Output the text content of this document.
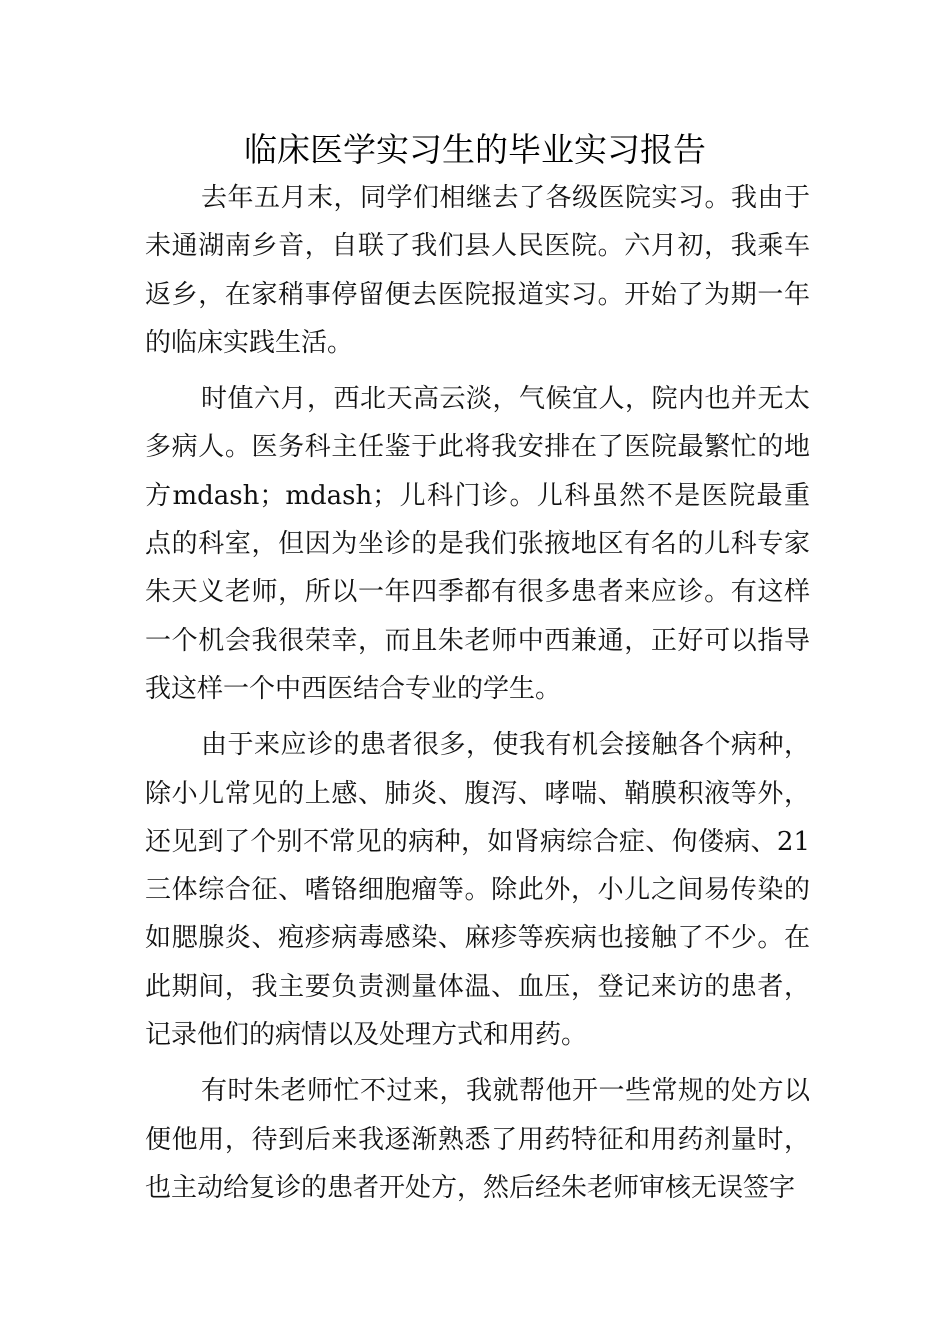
临床医学实习生的毕业实习报告

去年五月末，同学们相继去了各级医院实习。我由于未通湖南乡音，自联了我们县人民医院。六月初，我乘车返乡，在家稍事停留便去医院报道实习。开始了为期一年的临床实践生活。

时值六月，西北天高云淡，气候宜人，院内也并无太多病人。医务科主任鉴于此将我安排在了医院最繁忙的地方mdash；mdash；儿科门诊。儿科虽然不是医院最重点的科室，但因为坐诊的是我们张掖地区有名的儿科专家朱天义老师，所以一年四季都有很多患者来应诊。有这样一个机会我很荣幸，而且朱老师中西兼通，正好可以指导我这样一个中西医结合专业的学生。

由于来应诊的患者很多，使我有机会接触各个病种，除小儿常见的上感、肺炎、腹泻、哮喘、鞘膜积液等外，还见到了个别不常见的病种，如肾病综合症、佝偻病、21三体综合征、嗜铬细胞瘤等。除此外，小儿之间易传染的如腮腺炎、疱疹病毒感染、麻疹等疾病也接触了不少。在此期间，我主要负责测量体温、血压，登记来访的患者，记录他们的病情以及处理方式和用药。

有时朱老师忙不过来，我就帮他开一些常规的处方以便他用，待到后来我逐渐熟悉了用药特征和用药剂量时，也主动给复诊的患者开处方，然后经朱老师审核无误签字
